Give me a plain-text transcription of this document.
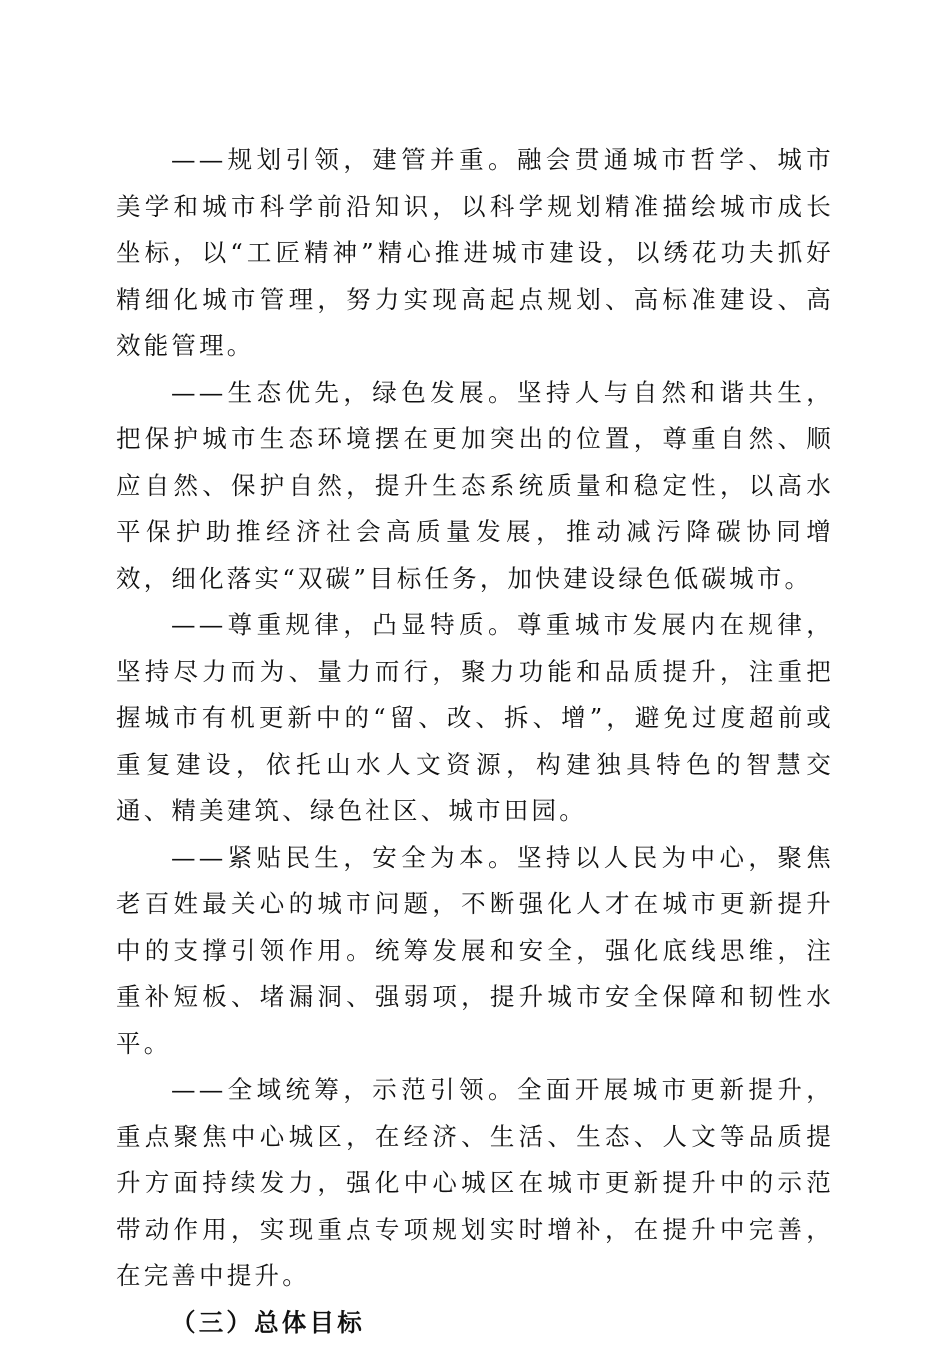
——规划引领，建管并重。融会贯通城市哲学、城市美学和城市科学前沿知识，以科学规划精准描绘城市成长坐标，以“工匠精神”精心推进城市建设，以绣花功夫抓好精细化城市管理，努力实现高起点规划、高标准建设、高效能管理。

——生态优先，绿色发展。坚持人与自然和谐共生，把保护城市生态环境摆在更加突出的位置，尊重自然、顺应自然、保护自然，提升生态系统质量和稳定性，以高水平保护助推经济社会高质量发展，推动减污降碳协同增效，细化落实“双碳”目标任务，加快建设绿色低碳城市。

——尊重规律，凸显特质。尊重城市发展内在规律，坚持尽力而为、量力而行，聚力功能和品质提升，注重把握城市有机更新中的“留、改、拆、增”，避免过度超前或重复建设，依托山水人文资源，构建独具特色的智慧交通、精美建筑、绿色社区、城市田园。

——紧贴民生，安全为本。坚持以人民为中心，聚焦老百姓最关心的城市问题，不断强化人才在城市更新提升中的支撑引领作用。统筹发展和安全，强化底线思维，注重补短板、堵漏洞、强弱项，提升城市安全保障和韧性水平。

——全域统筹，示范引领。全面开展城市更新提升，重点聚焦中心城区，在经济、生活、生态、人文等品质提升方面持续发力，强化中心城区在城市更新提升中的示范带动作用，实现重点专项规划实时增补，在提升中完善，在完善中提升。

（三）总体目标
